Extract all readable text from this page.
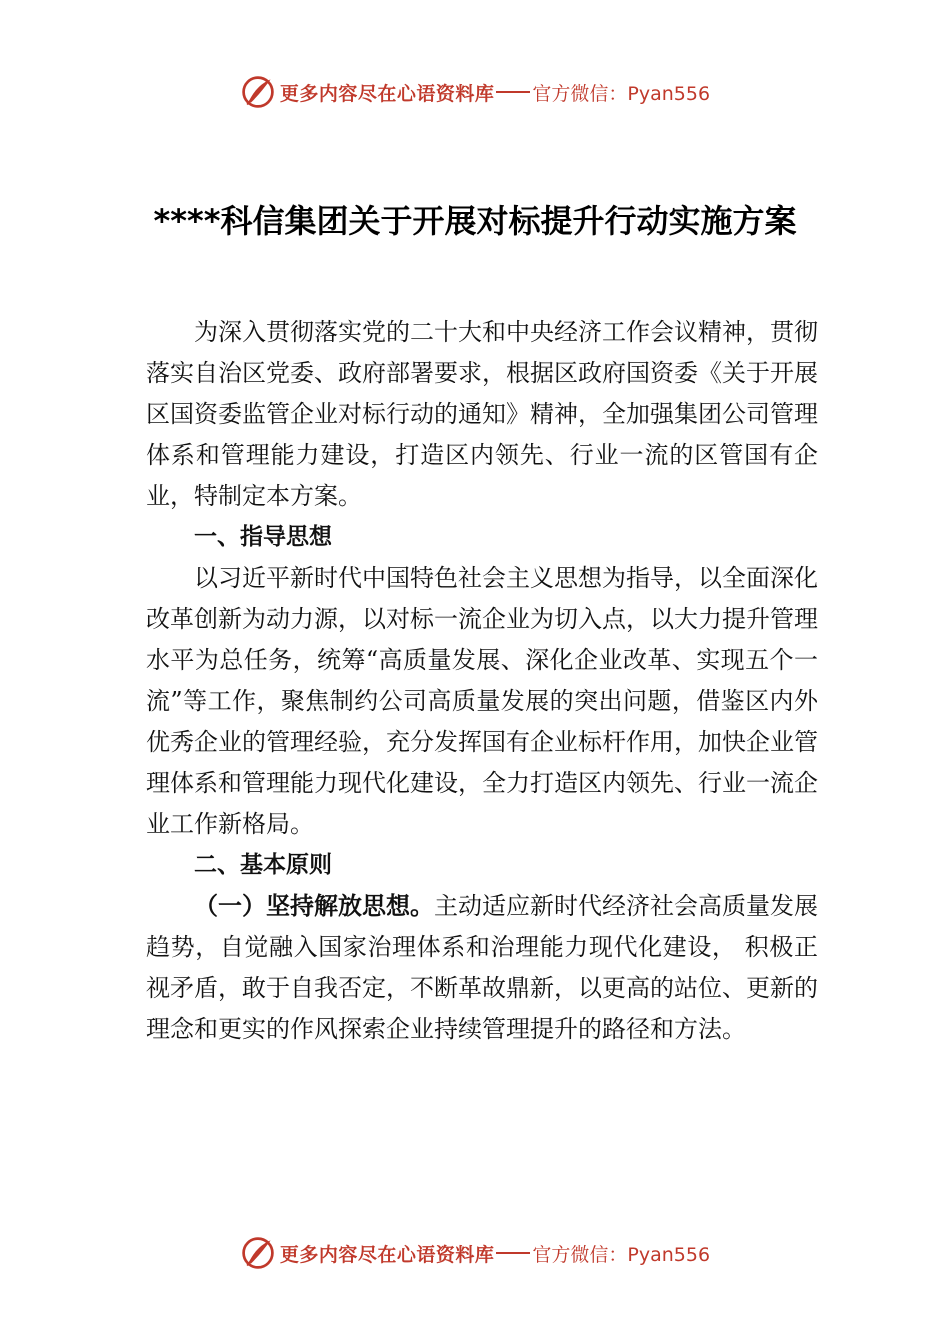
更多内容尽在心语资料库 官方微信：Pyan556
****科信集团关于开展对标提升行动实施方案

为深入贯彻落实党的二十大和中央经济工作会议精神，贯彻落实自治区党委、政府部署要求，根据区政府国资委《关于开展区国资委监管企业对标行动的通知》精神，全加强集团公司管理体系和管理能力建设，打造区内领先、行业一流的区管国有企业，特制定本方案。

一、指导思想

以习近平新时代中国特色社会主义思想为指导，以全面深化改革创新为动力源，以对标一流企业为切入点，以大力提升管理水平为总任务，统筹“高质量发展、深化企业改革、实现五个一流”等工作，聚焦制约公司高质量发展的突出问题，借鉴区内外优秀企业的管理经验，充分发挥国有企业标杆作用，加快企业管理体系和管理能力现代化建设，全力打造区内领先、行业一流企业工作新格局。

二、基本原则

（一）坚持解放思想。主动适应新时代经济社会高质量发展趋势，自觉融入国家治理体系和治理能力现代化建设， 积极正视矛盾，敢于自我否定，不断革故鼎新，以更高的站位、更新的理念和更实的作风探索企业持续管理提升的路径和方法。

更多内容尽在心语资料库 官方微信：Pyan556
